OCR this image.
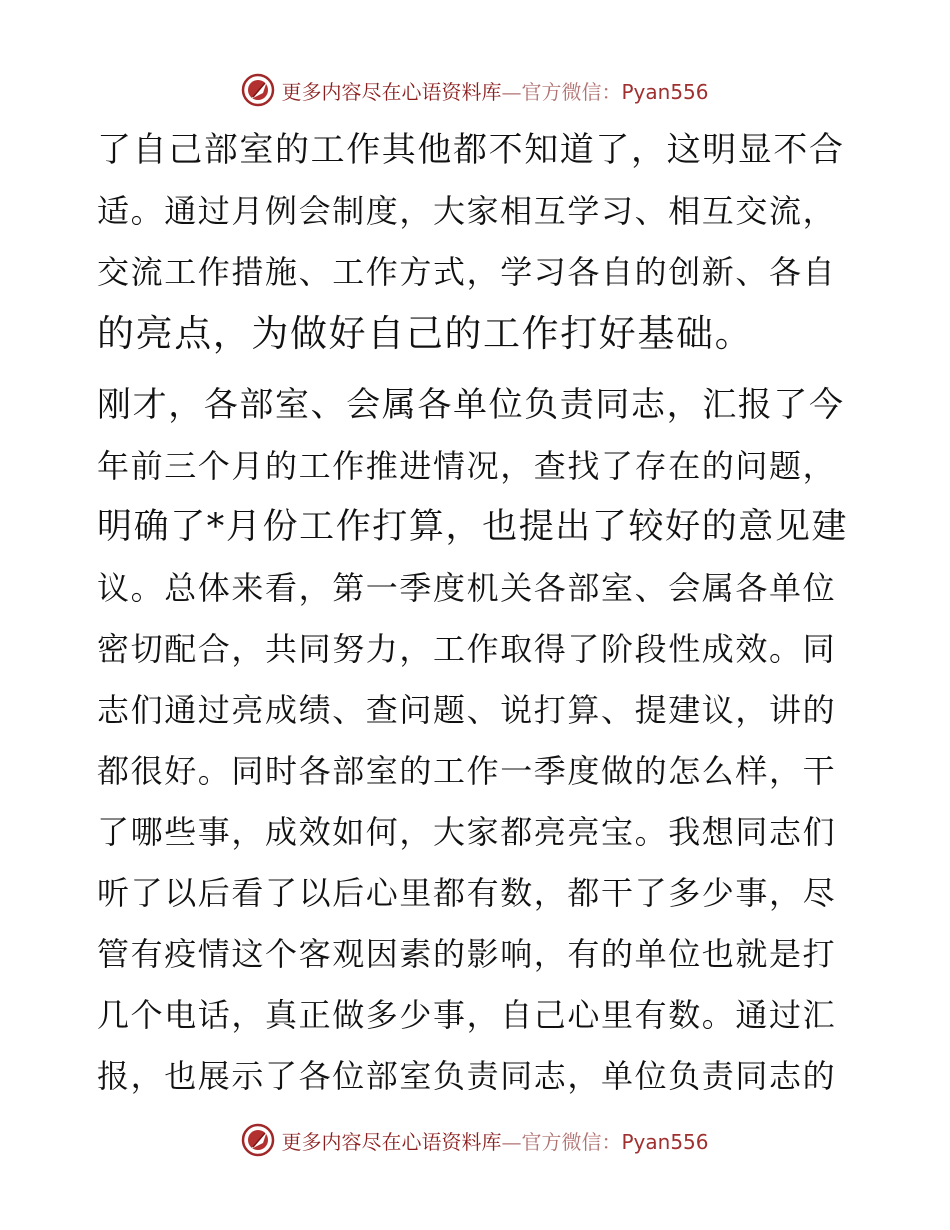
更多内容尽在心语资料库—官方微信：Pyan556
了自己部室的工作其他都不知道了，这明显不合
适。通过月例会制度，大家相互学习、相互交流，
交流工作措施、工作方式，学习各自的创新、各自
的亮点，为做好自己的工作打好基础。
刚才，各部室、会属各单位负责同志，汇报了今
年前三个月的工作推进情况，查找了存在的问题，
明确了*月份工作打算，也提出了较好的意见建
议。总体来看，第一季度机关各部室、会属各单位
密切配合，共同努力，工作取得了阶段性成效。同
志们通过亮成绩、查问题、说打算、提建议，讲的
都很好。同时各部室的工作一季度做的怎么样，干
了哪些事，成效如何，大家都亮亮宝。我想同志们
听了以后看了以后心里都有数，都干了多少事，尽
管有疫情这个客观因素的影响，有的单位也就是打
几个电话，真正做多少事，自己心里有数。通过汇
报，也展示了各位部室负责同志，单位负责同志的
更多内容尽在心语资料库—官方微信：Pyan556
